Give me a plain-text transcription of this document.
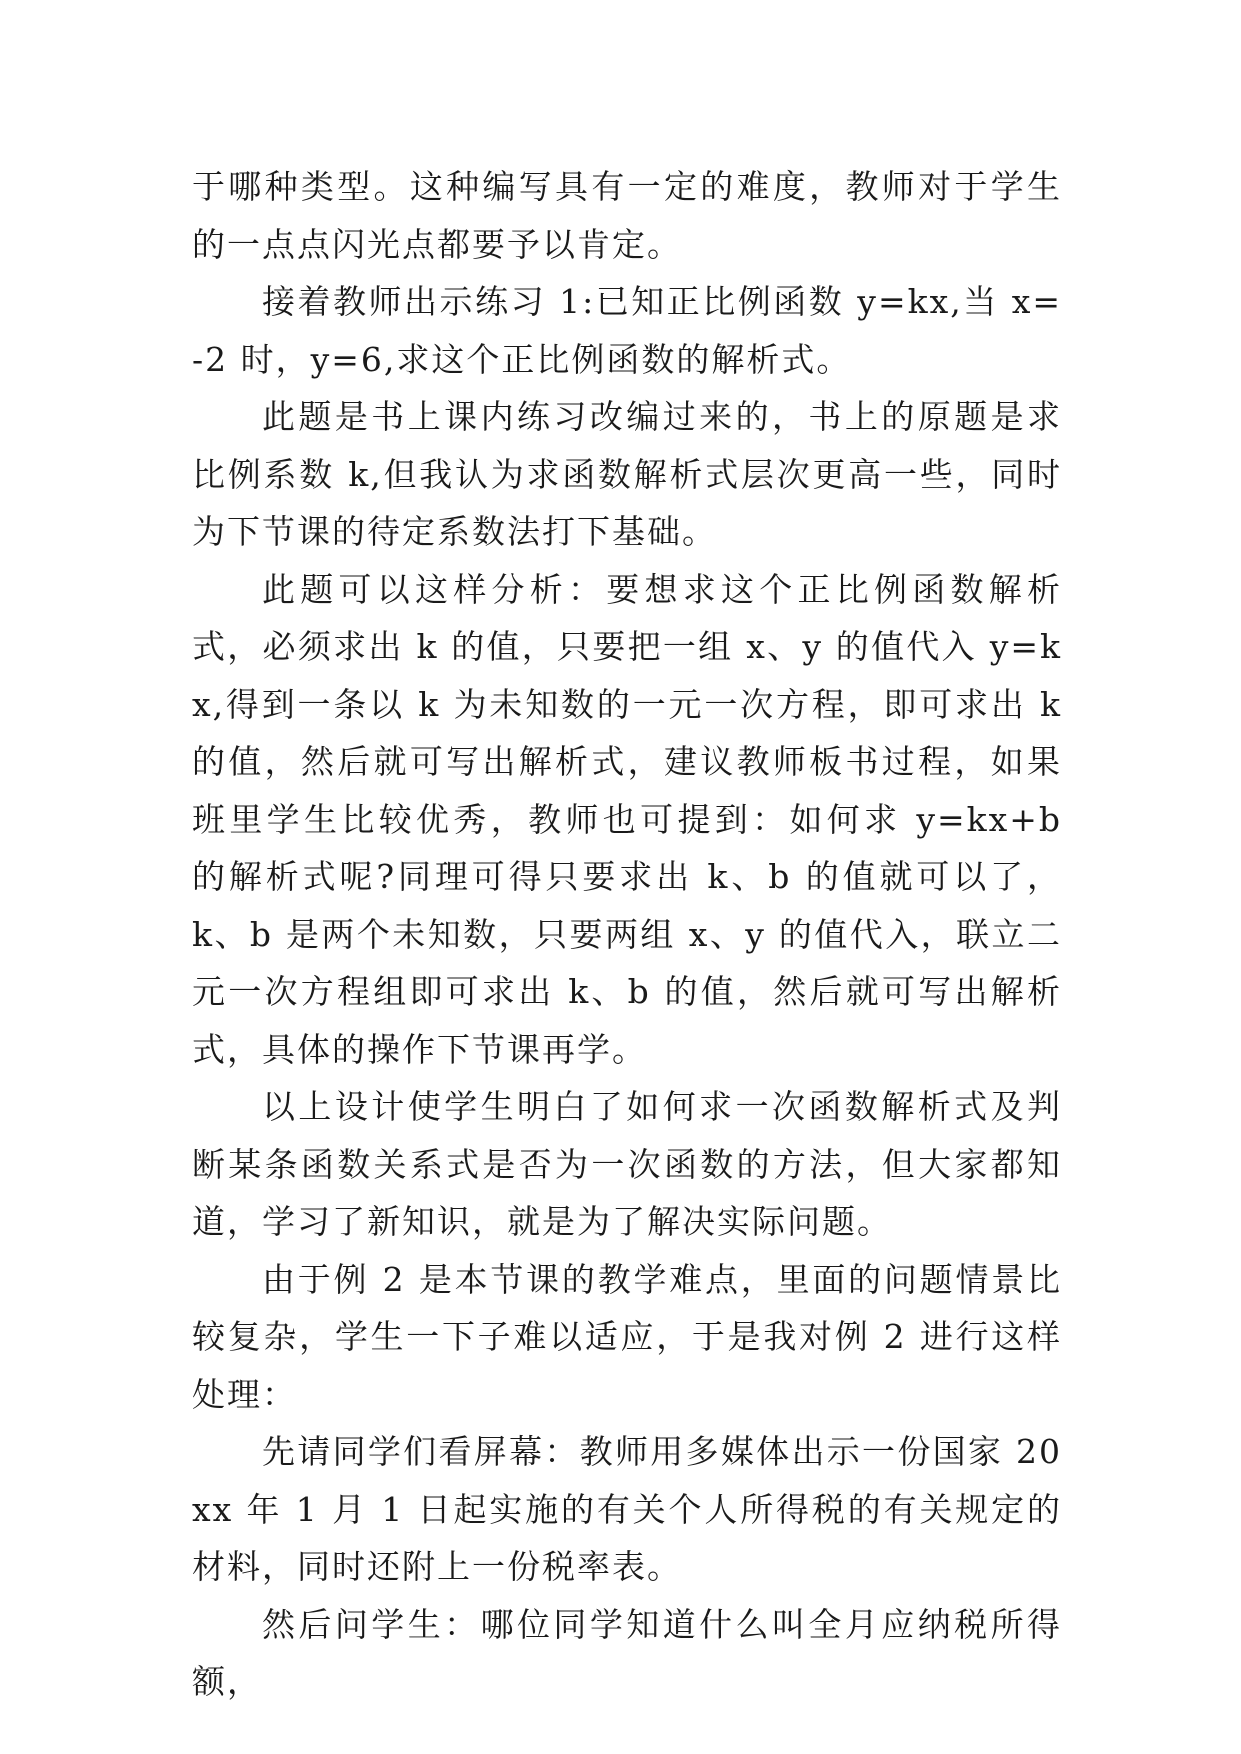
于哪种类型。这种编写具有一定的难度，教师对于学生的一点点闪光点都要予以肯定。

接着教师出示练习 1:已知正比例函数 y=kx,当 x=-2 时，y=6,求这个正比例函数的解析式。

此题是书上课内练习改编过来的，书上的原题是求比例系数 k,但我认为求函数解析式层次更高一些，同时为下节课的待定系数法打下基础。

此题可以这样分析：要想求这个正比例函数解析式，必须求出 k 的值，只要把一组 x、y 的值代入 y=kx,得到一条以 k 为未知数的一元一次方程，即可求出 k 的值，然后就可写出解析式，建议教师板书过程，如果班里学生比较优秀，教师也可提到：如何求 y=kx+b 的解析式呢?同理可得只要求出 k、b 的值就可以了，k、b 是两个未知数，只要两组 x、y 的值代入，联立二元一次方程组即可求出 k、b 的值，然后就可写出解析式，具体的操作下节课再学。

以上设计使学生明白了如何求一次函数解析式及判断某条函数关系式是否为一次函数的方法，但大家都知道，学习了新知识，就是为了解决实际问题。

由于例 2 是本节课的教学难点，里面的问题情景比较复杂，学生一下子难以适应，于是我对例 2 进行这样处理：

先请同学们看屏幕：教师用多媒体出示一份国家 20xx 年 1 月 1 日起实施的有关个人所得税的有关规定的材料，同时还附上一份税率表。

然后问学生：哪位同学知道什么叫全月应纳税所得额，
